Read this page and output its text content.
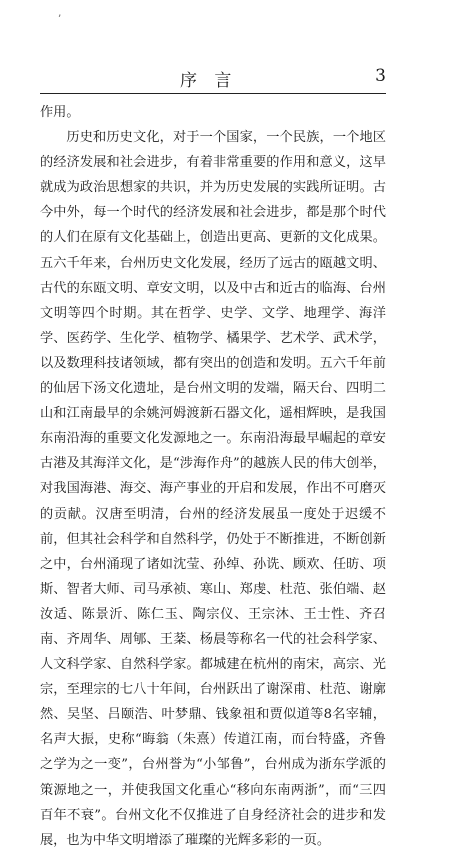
’
序 言	3

作用。

历史和历史文化，对于一个国家，一个民族，一个地区的经济发展和社会进步，有着非常重要的作用和意义，这早就成为政治思想家的共识，并为历史发展的实践所证明。古今中外，每一个时代的经济发展和社会进步，都是那个时代的人们在原有文化基础上，创造出更高、更新的文化成果。五六千年来，台州历史文化发展，经历了远古的瓯越文明、古代的东瓯文明、章安文明，以及中古和近古的临海、台州文明等四个时期。其在哲学、史学、文学、地理学、海洋学、医药学、生化学、植物学、橘果学、艺术学、武术学，以及数理科技诸领域，都有突出的创造和发明。五六千年前的仙居下汤文化遗址，是台州文明的发端，隔天台、四明二山和江南最早的余姚河姆渡新石器文化，遥相辉映，是我国东南沿海的重要文化发源地之一。东南沿海最早崛起的章安古港及其海洋文化，是“涉海作舟”的越族人民的伟大创举，对我国海港、海交、海产事业的开启和发展，作出不可磨灭的贡献。汉唐至明清，台州的经济发展虽一度处于迟缓不前，但其社会科学和自然科学，仍处于不断推进，不断创新之中，台州涌现了诸如沈莹、孙绰、孙诜、顾欢、任昉、项斯、智者大师、司马承祯、寒山、郑虔、杜范、张伯端、赵汝适、陈景沂、陈仁玉、陶宗仪、王宗沐、王士性、齐召南、齐周华、周郇、王棻、杨晨等称名一代的社会科学家、人文科学家、自然科学家。都城建在杭州的南宋，高宗、光宗，至理宗的七八十年间，台州跃出了谢深甫、杜范、谢廓然、吴坚、吕颐浩、叶梦鼎、钱象祖和贾似道等8名宰辅，名声大振，史称“晦翁（朱熹）传道江南，而台特盛，齐鲁之学为之一变”，台州誉为“小邹鲁”，台州成为浙东学派的策源地之一，并使我国文化重心“移向东南两浙”，而“三四百年不衰”。台州文化不仅推进了自身经济社会的进步和发展，也为中华文明增添了璀璨的光辉多彩的一页。
